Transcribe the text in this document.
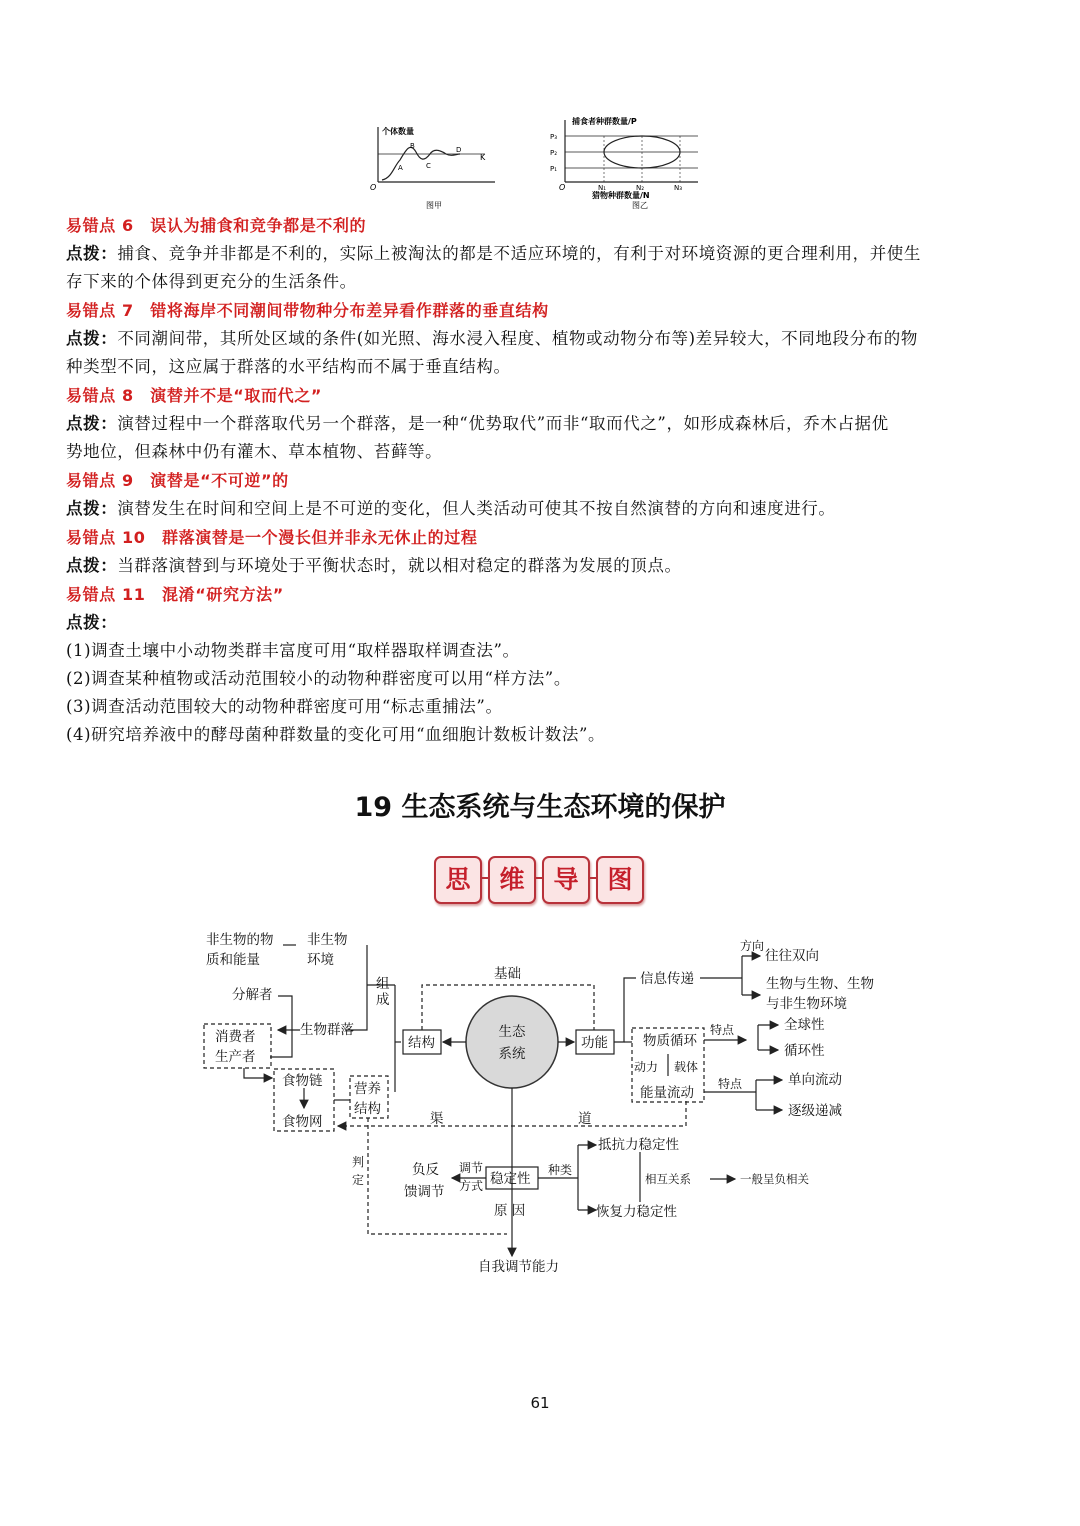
个体数量
O
K
A
B
C
D
图甲
捕食者种群数量/P
P₃
P₂
P₁
O	N₁	N₂	N₃
猎物种群数量/N
图乙
易错点 6　误认为捕食和竞争都是不利的
点拨：捕食、竞争并非都是不利的，实际上被淘汰的都是不适应环境的，有利于对环境资源的更合理利用，并使生
存下来的个体得到更充分的生活条件。
易错点 7　错将海岸不同潮间带物种分布差异看作群落的垂直结构
点拨：不同潮间带，其所处区域的条件(如光照、海水浸入程度、植物或动物分布等)差异较大，不同地段分布的物
种类型不同，这应属于群落的水平结构而不属于垂直结构。
易错点 8　演替并不是“取而代之”
点拨：演替过程中一个群落取代另一个群落，是一种“优势取代”而非“取而代之”，如形成森林后，乔木占据优
势地位，但森林中仍有灌木、草本植物、苔藓等。
易错点 9　演替是“不可逆”的
点拨：演替发生在时间和空间上是不可逆的变化，但人类活动可使其不按自然演替的方向和速度进行。
易错点 10　群落演替是一个漫长但并非永无休止的过程
点拨：当群落演替到与环境处于平衡状态时，就以相对稳定的群落为发展的顶点。
易错点 11　混淆“研究方法”
点拨：
(1)调查土壤中小动物类群丰富度可用“取样器取样调查法”。
(2)调查某种植物或活动范围较小的动物种群密度可以用“样方法”。
(3)调查活动范围较大的动物种群密度可用“标志重捕法”。
(4)研究培养液中的酵母菌种群数量的变化可用“血细胞计数板计数法”。
19 生态系统与生态环境的保护
思	维	导	图
生态
系统
非生物的物
质和能量
非生物
环境
分解者
消费者
生产者
生物群落
组
成
食物链
食物网
营养
结构
结构	功能
基础	信息传递
方向
往往双向
生物与生物、生物
与非生物环境
物质循环
能量流动
动力 载体
特点
特点
全球性
循环性
单向流动
逐级递减
渠	道
判
定	稳定性
负反
馈调节
调节
方式
种类
抵抗力稳定性
恢复力稳定性
相互关系	一般呈负相关
原 因
自我调节能力
61
